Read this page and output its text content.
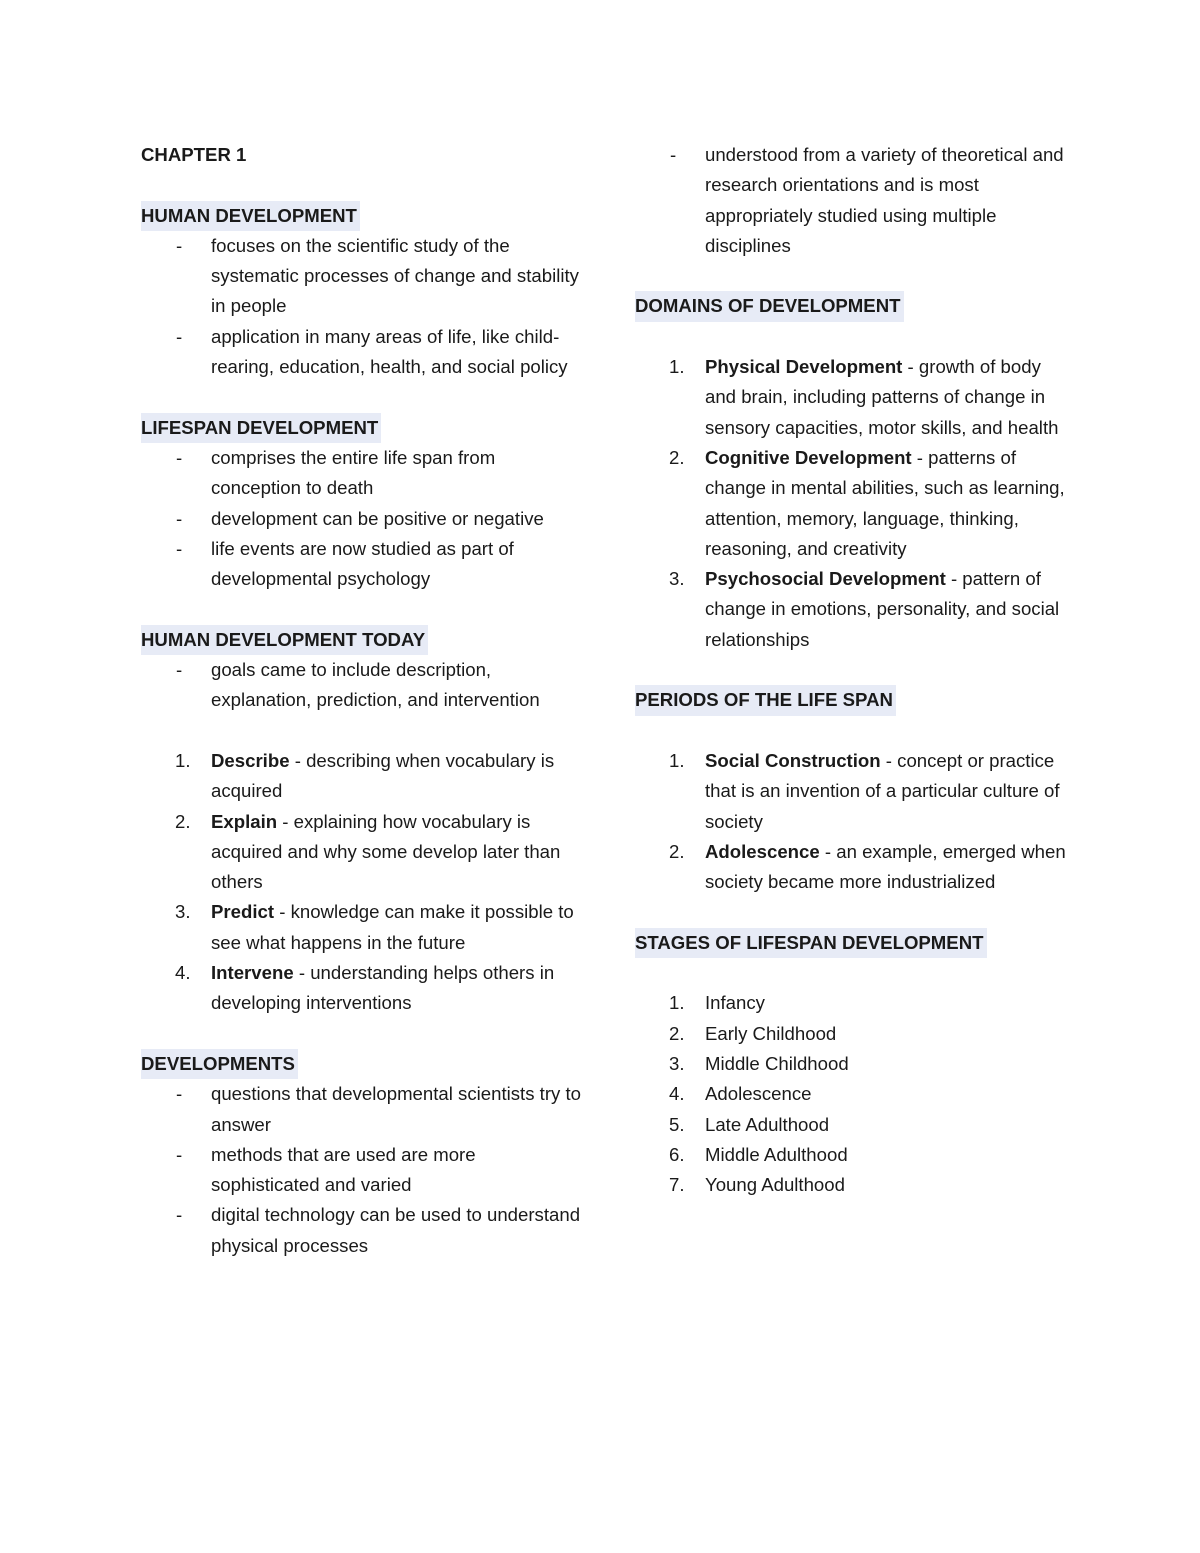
CHAPTER 1
HUMAN DEVELOPMENT
- focuses on the scientific study of the systematic processes of change and stability in people
- application in many areas of life, like child-rearing, education, health, and social policy
LIFESPAN DEVELOPMENT
- comprises the entire life span from conception to death
- development can be positive or negative
- life events are now studied as part of developmental psychology
HUMAN DEVELOPMENT TODAY
- goals came to include description, explanation, prediction, and intervention
1. Describe - describing when vocabulary is acquired
2. Explain - explaining how vocabulary is acquired and why some develop later than others
3. Predict - knowledge can make it possible to see what happens in the future
4. Intervene - understanding helps others in developing interventions
DEVELOPMENTS
- questions that developmental scientists try to answer
- methods that are used are more sophisticated and varied
- digital technology can be used to understand physical processes
- understood from a variety of theoretical and research orientations and is most appropriately studied using multiple disciplines
DOMAINS OF DEVELOPMENT
1. Physical Development - growth of body and brain, including patterns of change in sensory capacities, motor skills, and health
2. Cognitive Development - patterns of change in mental abilities, such as learning, attention, memory, language, thinking, reasoning, and creativity
3. Psychosocial Development - pattern of change in emotions, personality, and social relationships
PERIODS OF THE LIFE SPAN
1. Social Construction - concept or practice that is an invention of a particular culture of society
2. Adolescence - an example, emerged when society became more industrialized
STAGES OF LIFESPAN DEVELOPMENT
1. Infancy
2. Early Childhood
3. Middle Childhood
4. Adolescence
5. Late Adulthood
6. Middle Adulthood
7. Young Adulthood
